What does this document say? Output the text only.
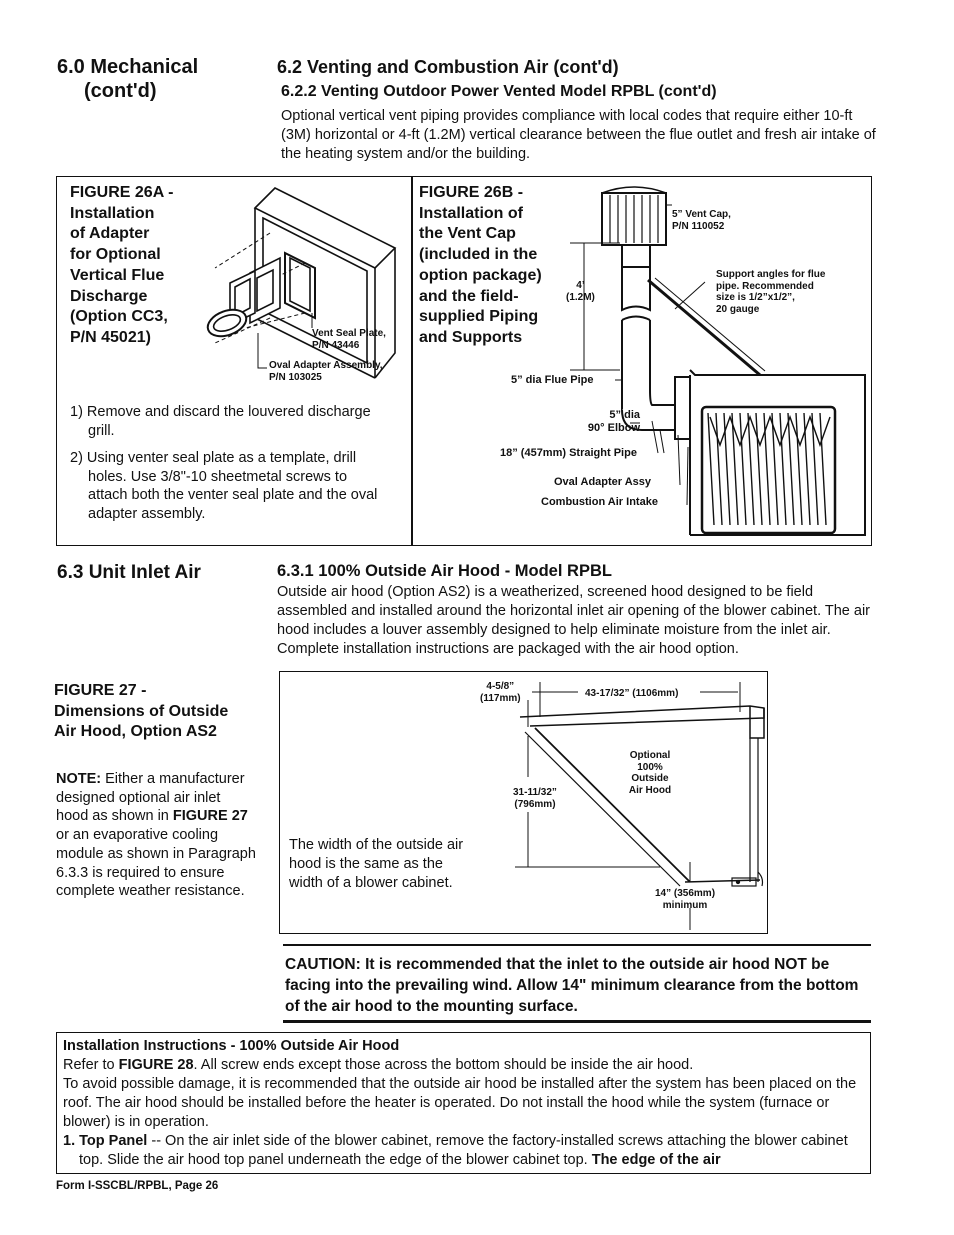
6.0 Mechanical
(cont'd)
6.2 Venting and Combustion Air (cont'd)
6.2.2 Venting Outdoor Power Vented Model RPBL (cont'd)
Optional vertical vent piping provides compliance with local codes that require either 10-ft (3M) horizontal or 4-ft (1.2M) vertical clearance between the flue outlet and fresh air intake of the heating system and/or the building.
FIGURE 26A -
Installation
of Adapter
for Optional
Vertical Flue
Discharge
(Option CC3,
P/N 45021)	Vent Seal Plate,
P/N 43446
Oval Adapter Assembly,
P/N 103025
1) Remove and discard the louvered discharge grill.
2) Using venter seal plate as a template, drill holes. Use 3/8"-10 sheetmetal screws to attach both the venter seal plate and the oval adapter assembly.
FIGURE 26B -
Installation of
the Vent Cap
(included in the
option package)
and the field-
supplied Piping
and Supports
5” Vent Cap,
P/N 110052
4’
(1.2M)
Support angles for flue
pipe. Recommended
size is 1/2”x1/2”,
20 gauge
5” dia Flue Pipe
5” dia
90° Elbow
18” (457mm) Straight Pipe
Oval Adapter Assy
Combustion Air Intake
6.3 Unit Inlet Air	6.3.1 100% Outside Air Hood - Model RPBL
Outside air hood (Option AS2) is a weatherized, screened hood designed to be field assembled and installed around the horizontal inlet air opening of the blower cabinet. The air hood includes a louver assembly designed to help eliminate moisture from the inlet air. Complete installation instructions are packaged with the air hood option.
FIGURE 27 -
Dimensions of Outside
Air Hood, Option AS2

NOTE: Either a manufacturer designed optional air inlet hood as shown in FIGURE 27 or an evaporative cooling module as shown in Paragraph 6.3.3 is required to ensure complete weather resistance.

4-5/8”
(117mm)	43-17/32” (1106mm)
31-11/32”
(796mm)
Optional
100%
Outside
Air Hood
14” (356mm)
minimum
The width of the outside air hood is the same as the width of a blower cabinet.
CAUTION: It is recommended that the inlet to the outside air hood NOT be facing into the prevailing wind. Allow 14" minimum clearance from the bottom of the air hood to the mounting surface.

Installation Instructions - 100% Outside Air Hood

Refer to FIGURE 28. All screw ends except those across the bottom should be inside the air hood.

To avoid possible damage, it is recommended that the outside air hood be installed after the system has been placed on the roof. The air hood should be installed before the heater is operated. Do not install the hood while the system (furnace or blower) is in operation.

1. Top Panel -- On the air inlet side of the blower cabinet, remove the factory-installed screws attaching the blower cabinet top. Slide the air hood top panel underneath the edge of the blower cabinet top. The edge of the air

Form I-SSCBL/RPBL, Page 26
